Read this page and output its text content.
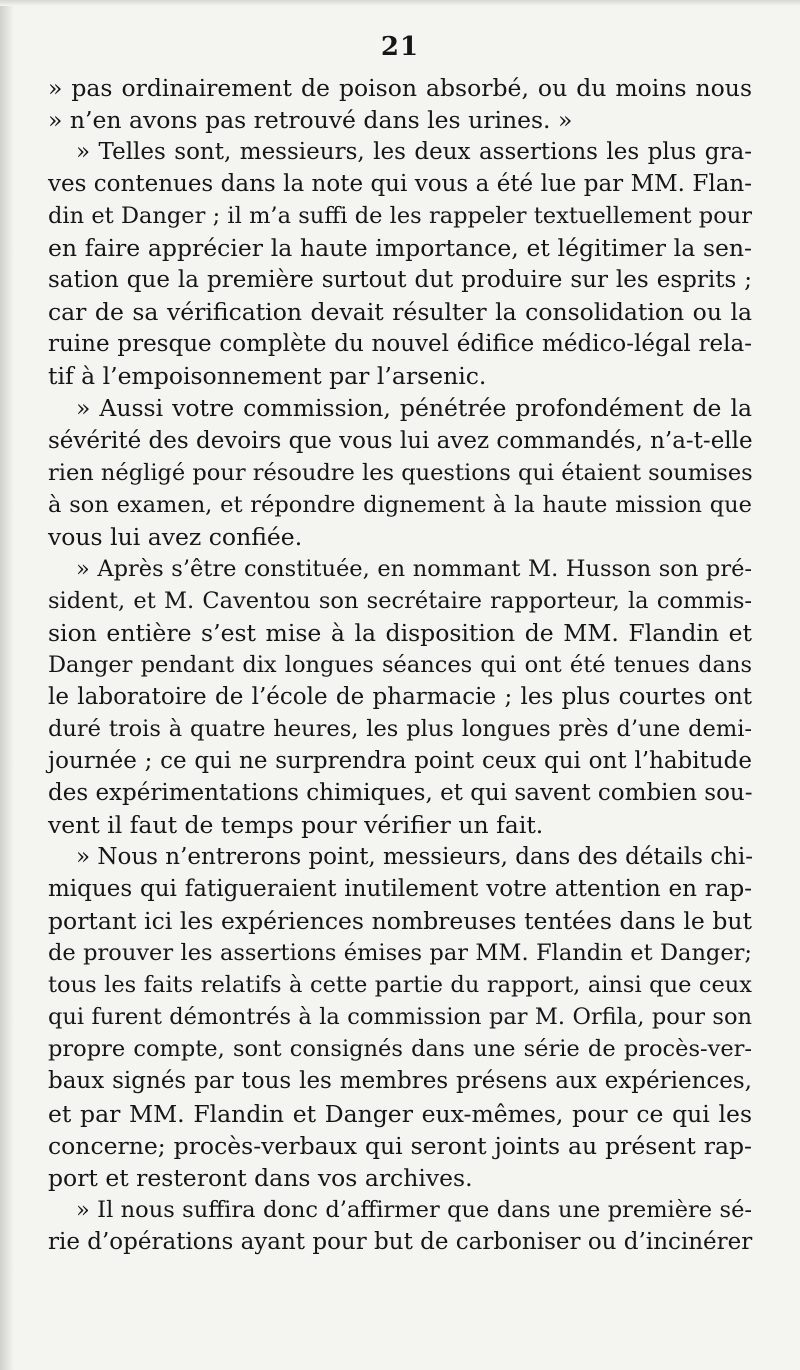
21
» pas ordinairement de poison absorbé, ou du moins nous
» n’en avons pas retrouvé dans les urines. »
» Telles sont, messieurs, les deux assertions les plus gra-
ves contenues dans la note qui vous a été lue par MM. Flan-
din et Danger ; il m’a suffi de les rappeler textuellement pour
en faire apprécier la haute importance, et légitimer la sen-
sation que la première surtout dut produire sur les esprits ;
car de sa vérification devait résulter la consolidation ou la
ruine presque complète du nouvel édifice médico-légal rela-
tif à l’empoisonnement par l’arsenic.
» Aussi votre commission, pénétrée profondément de la
sévérité des devoirs que vous lui avez commandés, n’a-t-elle
rien négligé pour résoudre les questions qui étaient soumises
à son examen, et répondre dignement à la haute mission que
vous lui avez confiée.
» Après s’être constituée, en nommant M. Husson son pré-
sident, et M. Caventou son secrétaire rapporteur, la commis-
sion entière s’est mise à la disposition de MM. Flandin et
Danger pendant dix longues séances qui ont été tenues dans
le laboratoire de l’école de pharmacie ; les plus courtes ont
duré trois à quatre heures, les plus longues près d’une demi-
journée ; ce qui ne surprendra point ceux qui ont l’habitude
des expérimentations chimiques, et qui savent combien sou-
vent il faut de temps pour vérifier un fait.
» Nous n’entrerons point, messieurs, dans des détails chi-
miques qui fatigueraient inutilement votre attention en rap-
portant ici les expériences nombreuses tentées dans le but
de prouver les assertions émises par MM. Flandin et Danger;
tous les faits relatifs à cette partie du rapport, ainsi que ceux
qui furent démontrés à la commission par M. Orfila, pour son
propre compte, sont consignés dans une série de procès-ver-
baux signés par tous les membres présens aux expériences,
et par MM. Flandin et Danger eux-mêmes, pour ce qui les
concerne; procès-verbaux qui seront joints au présent rap-
port et resteront dans vos archives.
» Il nous suffira donc d’affirmer que dans une première sé-
rie d’opérations ayant pour but de carboniser ou d’incinérer
